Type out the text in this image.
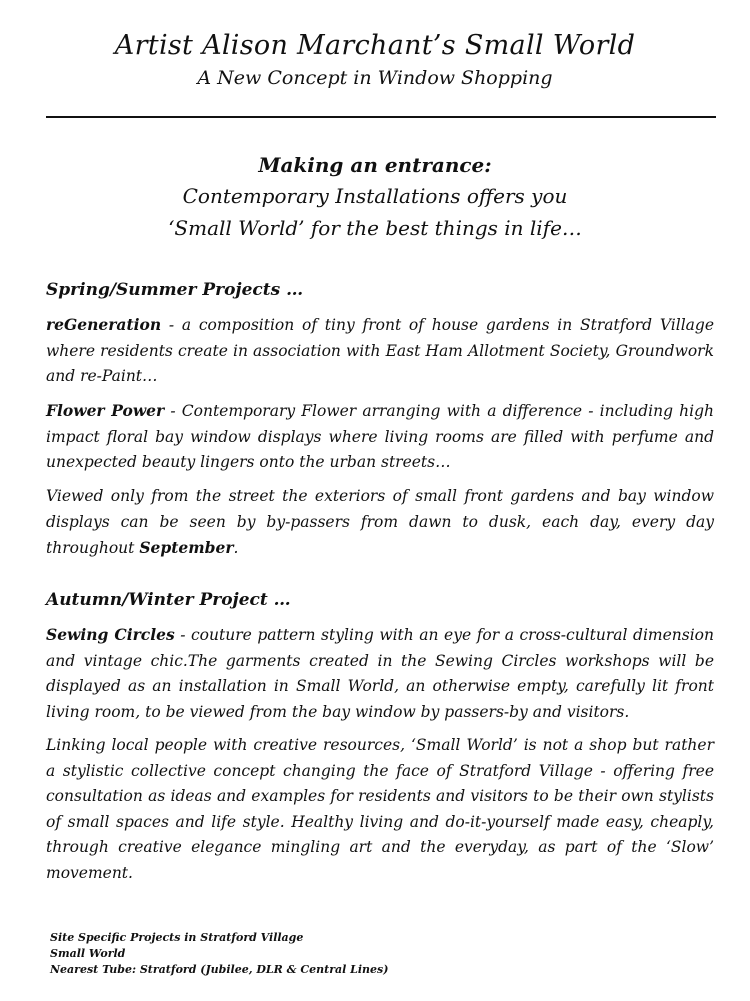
Artist Alison Marchant’s Small World
A New Concept in Window Shopping
Making an entrance:
Contemporary Installations offers you
‘Small World’ for the best things in life…
Spring/Summer Projects …

reGeneration - a composition of tiny front of house gardens in Stratford Village where residents create in association with East Ham Allotment Society, Groundwork and re-Paint…

Flower Power - Contemporary Flower arranging with a difference - including high impact floral bay window displays where living rooms are filled with perfume and unexpected beauty lingers onto the urban streets…

Viewed only from the street the exteriors of small front gardens and bay window displays can be seen by by-passers from dawn to dusk, each day, every day throughout September.

Autumn/Winter Project …

Sewing Circles - couture pattern styling with an eye for a cross-cultural dimension and vintage chic.The garments created in the Sewing Circles workshops will be displayed as an installation in Small World, an otherwise empty, carefully lit front living room, to be viewed from the bay window by passers-by and visitors.

Linking local people with creative resources, ‘Small World’ is not a shop but rather a stylistic collective concept changing the face of Stratford Village - offering free consultation as ideas and examples for residents and visitors to be their own stylists of small spaces and life style. Healthy living and do-it-yourself made easy, cheaply, through creative elegance mingling art and the everyday, as part of the ‘Slow’ movement.

Site Specific Projects in Stratford Village
Small World
Nearest Tube: Stratford (Jubilee, DLR & Central Lines)
